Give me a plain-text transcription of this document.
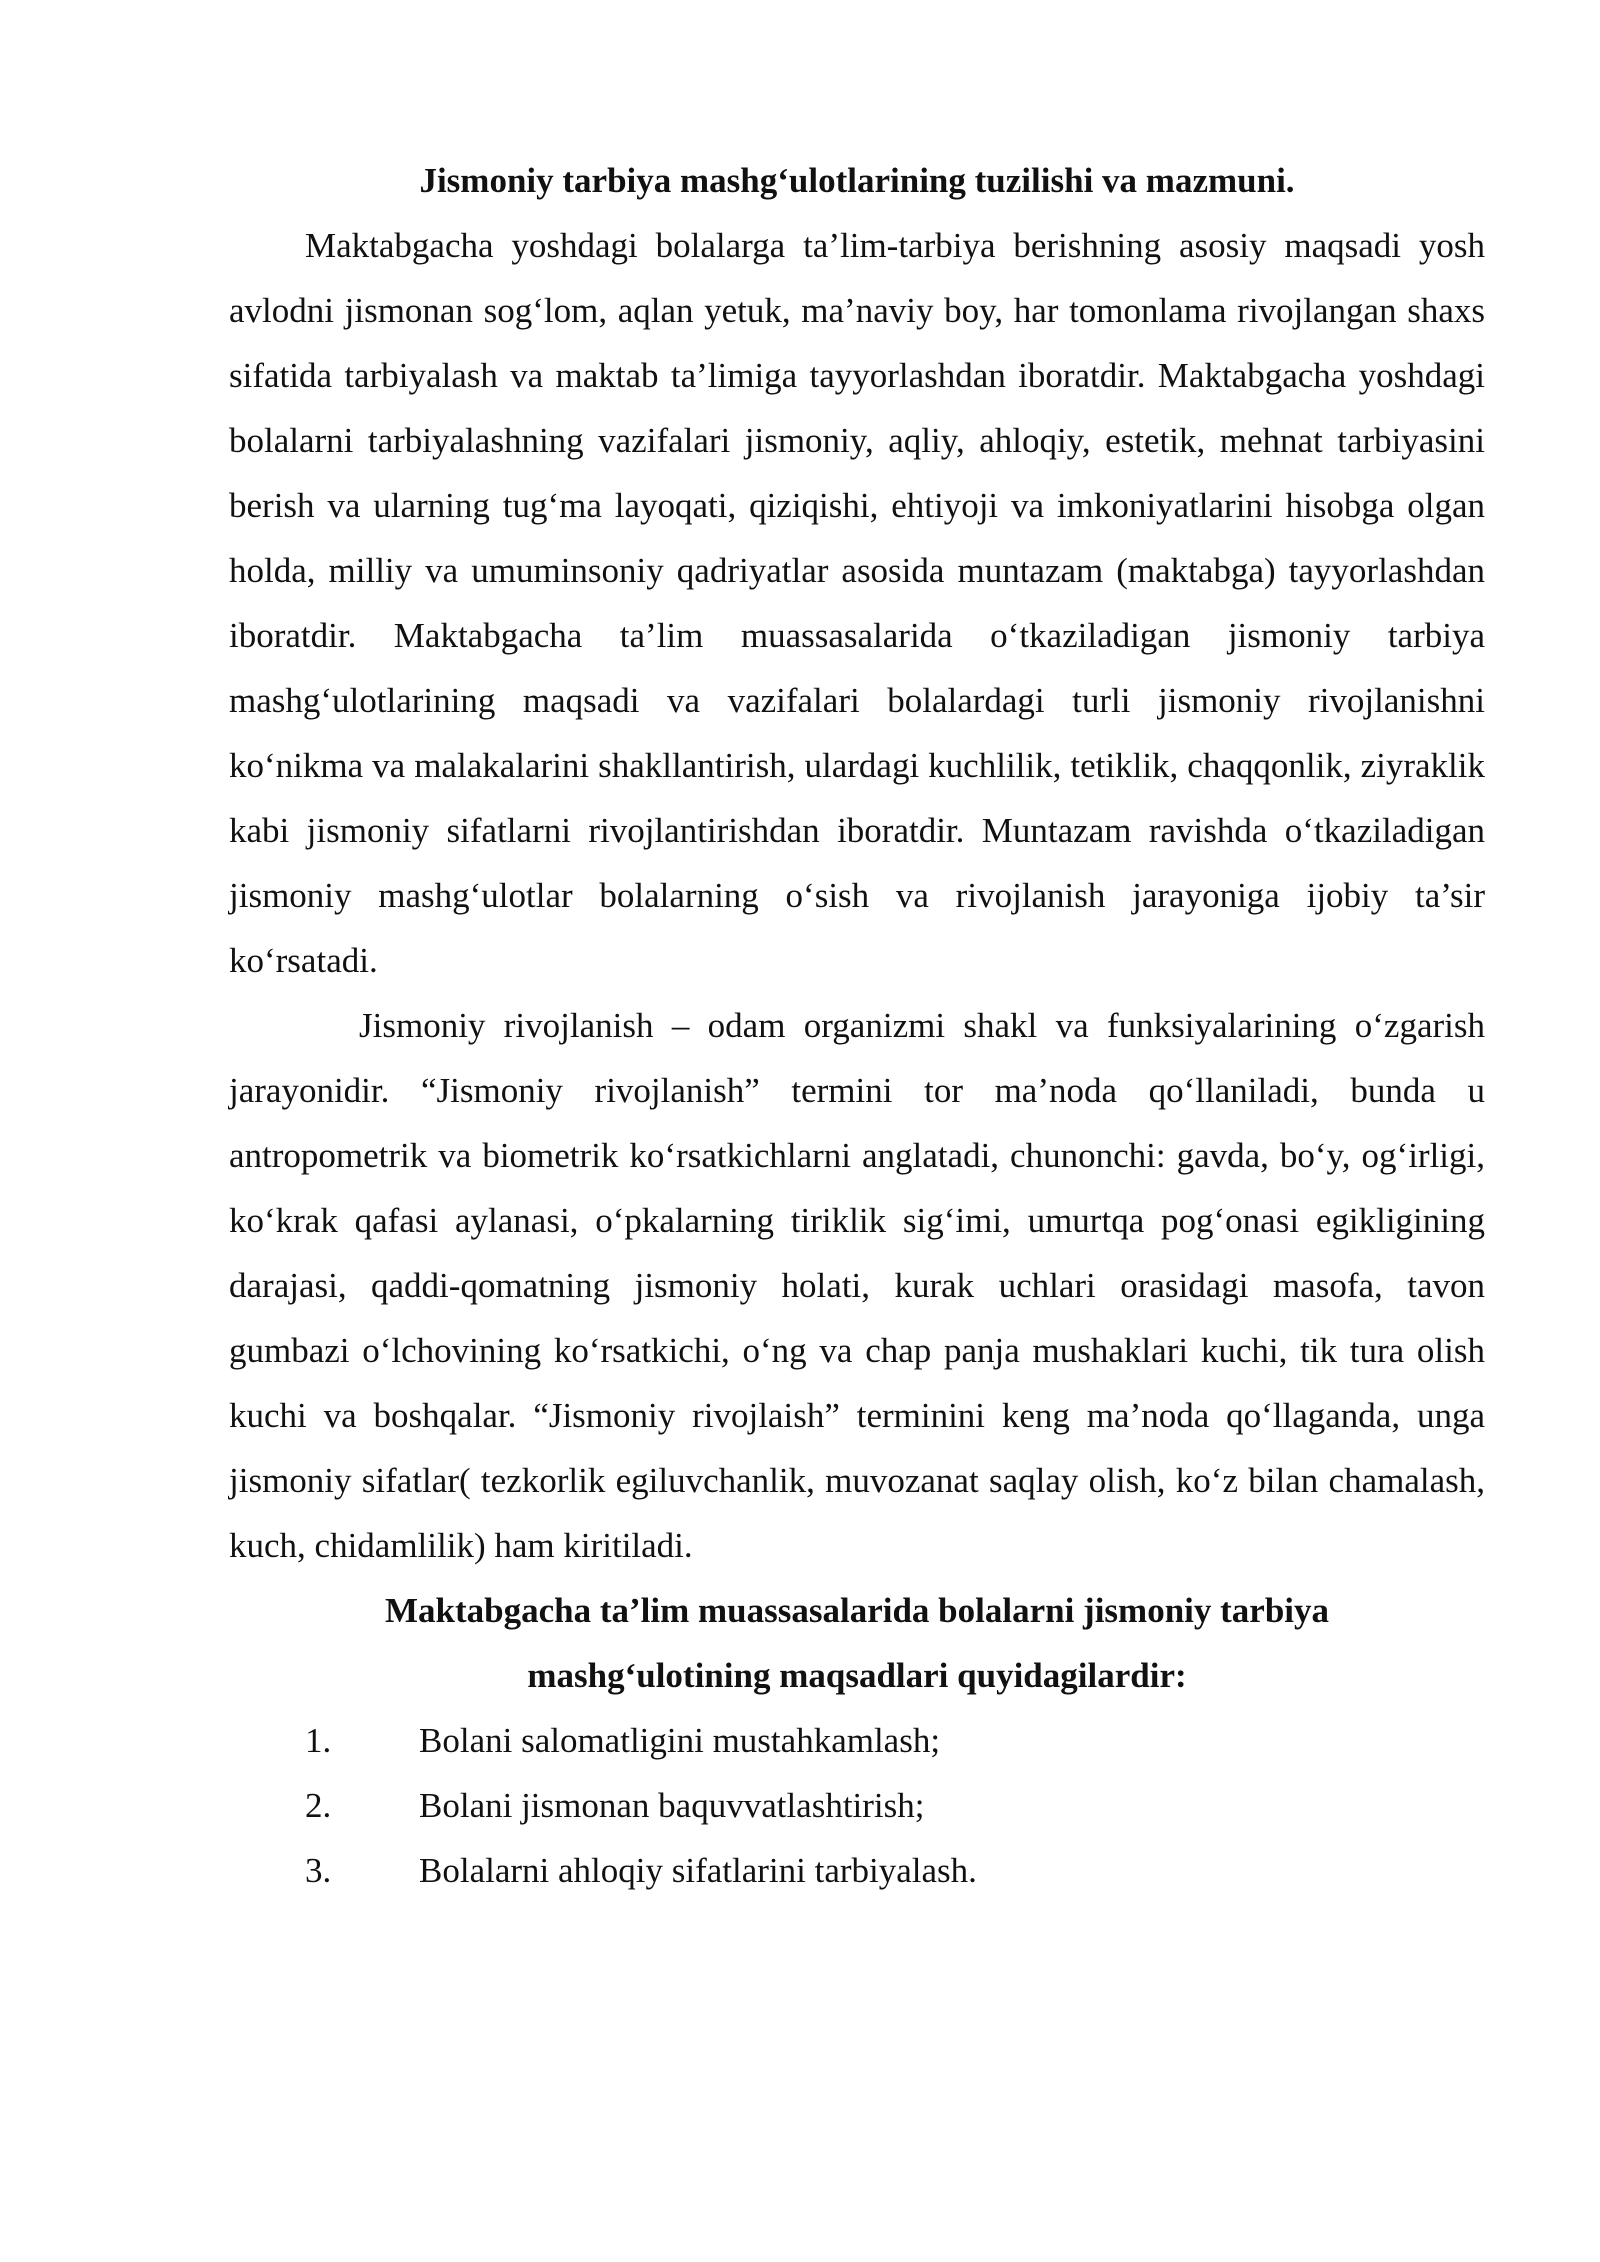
Jismoniy tarbiya mashg‘ulotlarining tuzilishi va mazmuni.

Maktabgacha yoshdagi bolalarga ta’lim-tarbiya berishning asosiy maqsadi yosh avlodni jismonan sog‘lom, aqlan yetuk, ma’naviy boy, har tomonlama rivojlangan shaxs sifatida tarbiyalash va maktab ta’limiga tayyorlashdan iboratdir. Maktabgacha yoshdagi bolalarni tarbiyalashning vazifalari jismoniy, aqliy, ahloqiy, estetik, mehnat tarbiyasini berish va ularning tug‘ma layoqati, qiziqishi, ehtiyoji va imkoniyatlarini hisobga olgan holda, milliy va umuminsoniy qadriyatlar asosida muntazam (maktabga) tayyorlashdan iboratdir. Maktabgacha ta’lim muassasalarida o‘tkaziladigan jismoniy tarbiya mashg‘ulotlarining maqsadi va vazifalari bolalardagi turli jismoniy rivojlanishni ko‘nikma va malakalarini shakllantirish, ulardagi kuchlilik, tetiklik, chaqqonlik, ziyraklik kabi jismoniy sifatlarni rivojlantirishdan iboratdir. Muntazam ravishda o‘tkaziladigan jismoniy mashg‘ulotlar bolalarning o‘sish va rivojlanish jarayoniga ijobiy ta’sir ko‘rsatadi.

Jismoniy rivojlanish – odam organizmi shakl va funksiyalarining o‘zgarish jarayonidir. “Jismoniy rivojlanish” termini tor ma’noda qo‘llaniladi, bunda u antropometrik va biometrik ko‘rsatkichlarni anglatadi, chunonchi: gavda, bo‘y, og‘irligi, ko‘krak qafasi aylanasi, o‘pkalarning tiriklik sig‘imi, umurtqa pog‘onasi egikligining darajasi, qaddi-qomatning jismoniy holati, kurak uchlari orasidagi masofa, tavon gumbazi o‘lchovining ko‘rsatkichi, o‘ng va chap panja mushaklari kuchi, tik tura olish kuchi va boshqalar. “Jismoniy rivojlaish” terminini keng ma’noda qo‘llaganda, unga jismoniy sifatlar( tezkorlik egiluvchanlik, muvozanat saqlay olish, ko‘z bilan chamalash, kuch, chidamlilik) ham kiritiladi.

Maktabgacha ta’lim muassasalarida bolalarni jismoniy tarbiya

mashg‘ulotining maqsadlari quyidagilardir:

1.	Bolani salomatligini mustahkamlash;
2.	Bolani jismonan baquvvatlashtirish;
3.	Bolalarni ahloqiy sifatlarini tarbiyalash.
